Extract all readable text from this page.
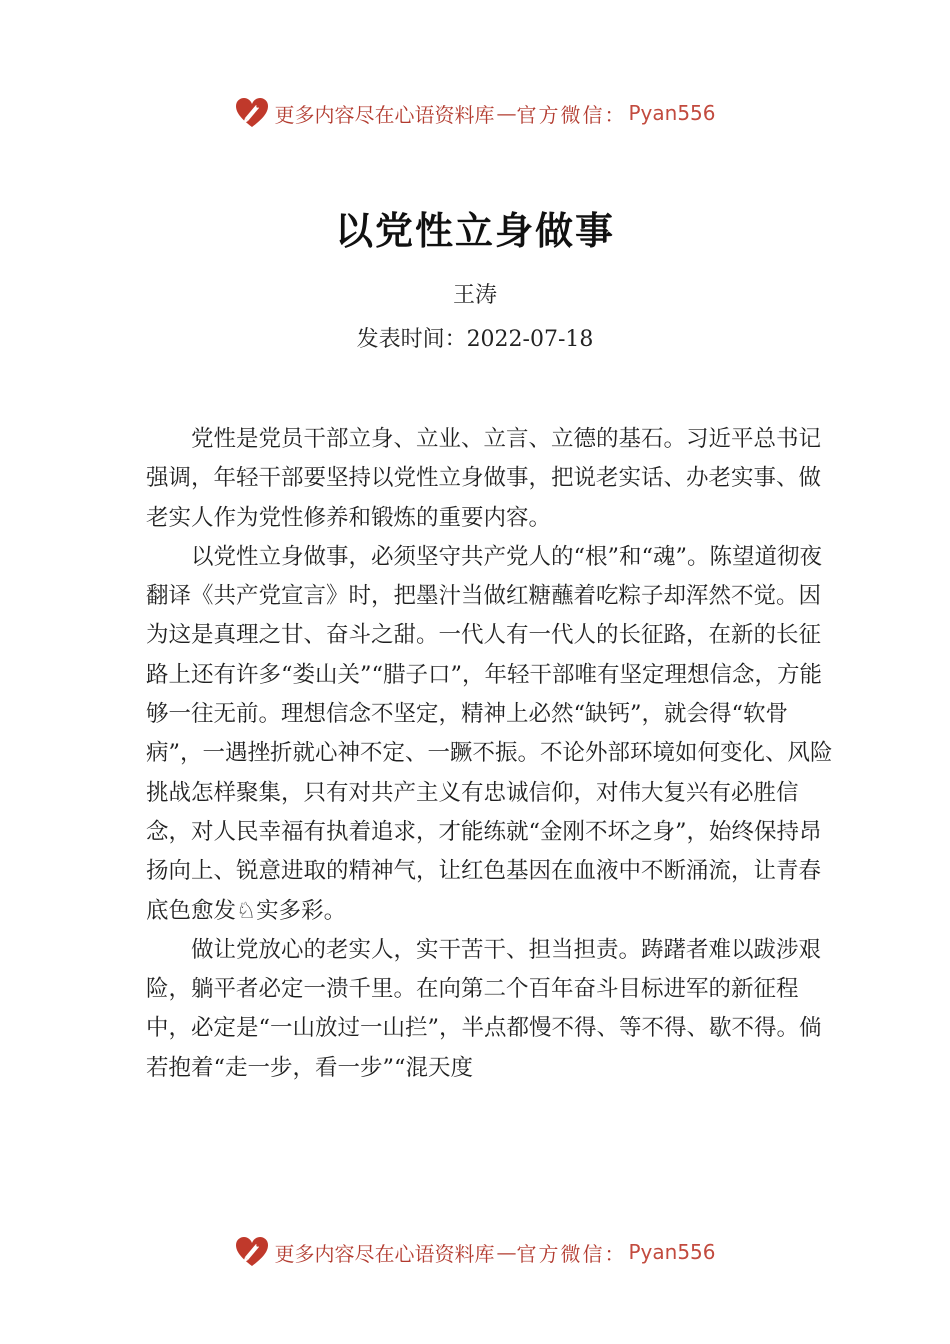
更多内容尽在心语资料库 — 官方微信： Pyan556
以党性立身做事
王涛
发表时间：2022-07-18

党性是党员干部立身、立业、立言、立德的基石。习近平总书记强调，年轻干部要坚持以党性立身做事，把说老实话、办老实事、做老实人作为党性修养和锻炼的重要内容。

以党性立身做事，必须坚守共产党人的“根”和“魂”。陈望道彻夜翻译《共产党宣言》时，把墨汁当做红糖蘸着吃粽子却浑然不觉。因为这是真理之甘、奋斗之甜。一代人有一代人的长征路，在新的长征路上还有许多“娄山关”“腊子口”，年轻干部唯有坚定理想信念，方能够一往无前。理想信念不坚定，精神上必然“缺钙”，就会得“软骨病”，一遇挫折就心神不定、一蹶不振。不论外部环境如何变化、风险挑战怎样聚集，只有对共产主义有忠诚信仰，对伟大复兴有必胜信念，对人民幸福有执着追求，才能练就“金刚不坏之身”，始终保持昂扬向上、锐意进取的精神气，让红色基因在血液中不断涌流，让青春底色愈发♘实多彩。

做让党放心的老实人，实干苦干、担当担责。踌躇者难以跋涉艰险，躺平者必定一溃千里。在向第二个百年奋斗目标进军的新征程中，必定是“一山放过一山拦”，半点都慢不得、等不得、歇不得。倘若抱着“走一步，看一步”“混天度

更多内容尽在心语资料库 — 官方微信： Pyan556
